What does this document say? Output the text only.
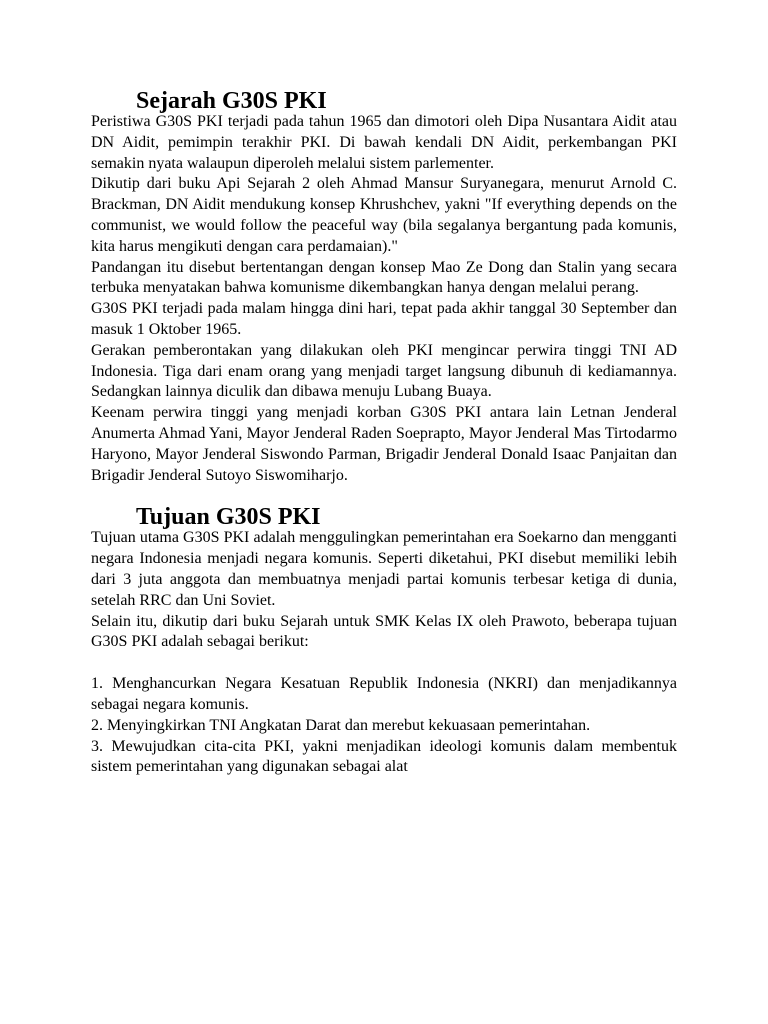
Sejarah G30S PKI

Peristiwa G30S PKI terjadi pada tahun 1965 dan dimotori oleh Dipa Nusantara Aidit atau DN Aidit, pemimpin terakhir PKI. Di bawah kendali DN Aidit, perkembangan PKI semakin nyata walaupun diperoleh melalui sistem parlementer.

Dikutip dari buku Api Sejarah 2 oleh Ahmad Mansur Suryanegara, menurut Arnold C. Brackman, DN Aidit mendukung konsep Khrushchev, yakni "If everything depends on the communist, we would follow the peaceful way (bila segalanya bergantung pada komunis, kita harus mengikuti dengan cara perdamaian)."

Pandangan itu disebut bertentangan dengan konsep Mao Ze Dong dan Stalin yang secara terbuka menyatakan bahwa komunisme dikembangkan hanya dengan melalui perang.

G30S PKI terjadi pada malam hingga dini hari, tepat pada akhir tanggal 30 September dan masuk 1 Oktober 1965.

Gerakan pemberontakan yang dilakukan oleh PKI mengincar perwira tinggi TNI AD Indonesia. Tiga dari enam orang yang menjadi target langsung dibunuh di kediamannya. Sedangkan lainnya diculik dan dibawa menuju Lubang Buaya.

Keenam perwira tinggi yang menjadi korban G30S PKI antara lain Letnan Jenderal Anumerta Ahmad Yani, Mayor Jenderal Raden Soeprapto, Mayor Jenderal Mas Tirtodarmo Haryono, Mayor Jenderal Siswondo Parman, Brigadir Jenderal Donald Isaac Panjaitan dan Brigadir Jenderal Sutoyo Siswomiharjo.

Tujuan G30S PKI

Tujuan utama G30S PKI adalah menggulingkan pemerintahan era Soekarno dan mengganti negara Indonesia menjadi negara komunis. Seperti diketahui, PKI disebut memiliki lebih dari 3 juta anggota dan membuatnya menjadi partai komunis terbesar ketiga di dunia, setelah RRC dan Uni Soviet.

Selain itu, dikutip dari buku Sejarah untuk SMK Kelas IX oleh Prawoto, beberapa tujuan G30S PKI adalah sebagai berikut:

1. Menghancurkan Negara Kesatuan Republik Indonesia (NKRI) dan menjadikannya sebagai negara komunis.

2. Menyingkirkan TNI Angkatan Darat dan merebut kekuasaan pemerintahan.

3. Mewujudkan cita-cita PKI, yakni menjadikan ideologi komunis dalam membentuk sistem pemerintahan yang digunakan sebagai alat
